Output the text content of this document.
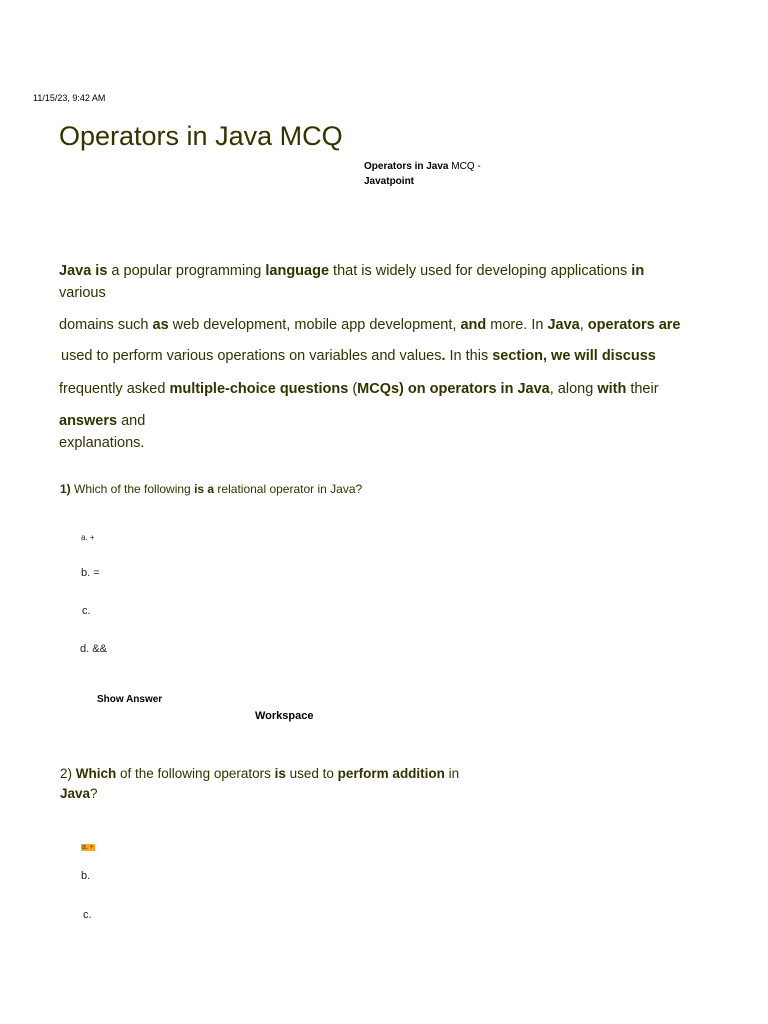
11/15/23, 9:42 AM
Operators in Java MCQ
Operators in Java MCQ -
Javatpoint
Java is a popular programming language that is widely used for developing applications in
various
domains such as web development, mobile app development, and more. In Java, operators are
used to perform various operations on variables and values. In this section, we will discuss
frequently asked multiple-choice questions (MCQs) on operators in Java, along with their
answers and
explanations.
1) Which of the following is a relational operator in Java?
a. +
b. =
c.
d. &&
Show Answer
Workspace
2) Which of the following operators is used to perform addition in
Java?
a. +
b.
c.
